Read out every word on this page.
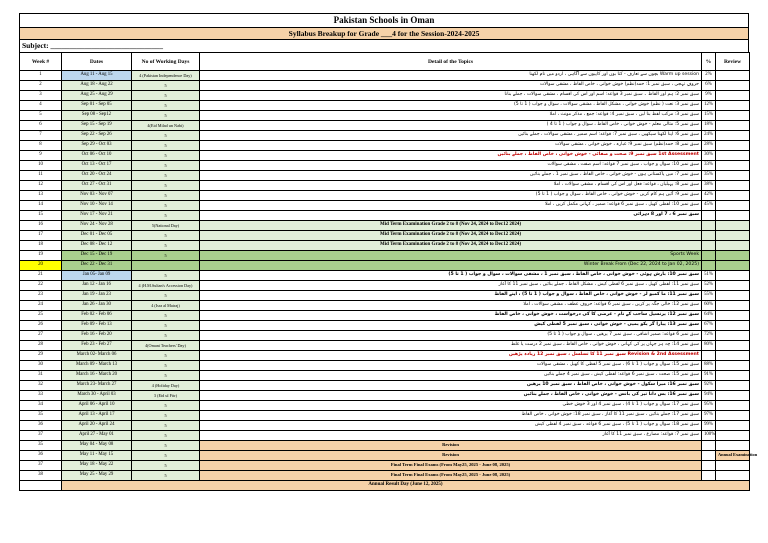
Pakistan Schools in Oman
Syllabus Breakup for Grade ___4 for the Session-2024-2025
Subject: ______________________________
Week #	Dates	No of Working Days	Detail of the Topics	%	Review
1	Aug 11 - Aug 15	4 (Pakistan Independence Day)	Warm up session بچوں سے تعارف - کتا بوں اور کاپیوں سے آگاہی ، اردو میں نام لکھنا	2%	
2	Aug 18 - Aug 22	5	حروفِ تہجی ، سبق نمبر 1: حمد(نظم) خوش خوانی ، خاص الفاظ ، مشقی سوالات	6%	
3	Aug 25 - Aug 29	5	سبق نمبر 2: ہم اور الفاظ ۔ سبق نمبر 3 قواعد: اسم اور اس کی اقسام ، مشقی سوالات ، جملے بنانا	9%	
4	Sep 01 - Sep 05	5	سبق نمبر 3: نعت ( نظم) خوش خوانی ، مشکل الفاظ ، مشقی سوالات ، سوال و جواب ( 1 تا 5)	12%	
5	Sep 08 - Sep12	5	سبق نمبر 3: مرکب لفظ بنا لیں ، سبق نمبر 4: قواعد: جمع ، مذکر مونث ، املا	15%	
6	Sep 15 - Sep 19	4(Eid Milad un Nabi)	سبق نمبر 5: مثالی معلم - خوش خوانی ، خاص الفاظ ، سوال و جواب ( 1 تا 4 )	18%	
7	Sep 22 - Sep 26	5	سبق نمبر 6: اپنا لکھنا سیکھیں ، سبق نمبر 7: قواعد: اسم ضمیر ، مشقی سوالات ، جملے بنائیں	24%	
8	Sep 29 - Oct 03	5	سبق نمبر 8: حمد(نظم) سبق نمبر 9: غبارہ ، خوش خوانی ، مشقی سوالات	28%	
9	Oct 06 - Oct 10	5	1st Assessment سبق نمبر 9: صحت و صفائی - خوش خوانی ، خاص الفاظ ، جملے بنائیں	30%	
10	Oct 13 - Oct 17	5	سبق نمبر 10: سوال و جواب ، سبق نمبر 7 قواعد: اسم صفت ، مشقی سوالات	33%	
11	Oct 20 - Oct 24	5	سبق نمبر 7: میں پاکستانی ہوں - خوش خوانی ، خاص الفاظ ، سبق نمبر 1 ، جملے بنائیں	35%	
12	Oct 27 - Oct 31	5	سبق نمبر 8: پہیلیاں ، قواعد: فعل اور اس کی اقسام ، مشقی سوالات ، املا	38%	
13	Nov 03 - Nov 07	5	سبق نمبر 9: آئیں ہم کام کریں - خوش خوانی ، خاص الفاظ ، سوال و جواب ( 1 تا 5)	42%	
14	Nov 10 - Nov 14	5	سبق نمبر 10: لفظی کھیل ، سبق نمبر 6 قواعد: ضمیر ، کہانی مکمل کریں ، املا	45%	
15	Nov 17 - Nov 21	5	سبق نمبر 6 ، 7 اور 8 دہرائی		
16	Nov 24 - Nov 28	5(National Day)	Mid Term Examination Grade 2 to 8 (Nov 24, 2024 to Dec12 2024)		
17	Dec 01 - Dec 05	5	Mid Term Examination Grade 2 to 8 (Nov 24, 2024 to Dec12 2024)		
18	Dec 08 - Dec 12	5	Mid Term Examination Grade 2 to 8 (Nov 24, 2024 to Dec12 2024)		
19	Dec 15 - Dec 19	5	Sports Week		
20	Dec 22 - Dec 31		Winter Break From (Dec 22, 2024 to Jan 02, 2025)		
21	Jan 05- Jan 09	5	سبق نمبر 10: بارش ہوئی - خوش خوانی ، خاص الفاظ ، سبق نمبر 1 ، مشقی سوالات ، سوال و جواب ( 1 تا 5)	51%	
22	Jan 12 - Jan 16	4 (H.M.Sultan's Accession Day)	سبق نمبر 11: لفظی کھیل ، سبق نمبر 6 لفظی کیش ، مشکل الفاظ ، جملے بنائیں ، سبق نمبر 11 کا آغاز	52%	
23	Jan 19 - Jan 23	5	سبق نمبر 11: ما کمیو لز - خوش خوانی ، خاص الفاظ ، سوال و جواب ( 1 تا 5) ، اپنے الفاظ	55%	
24	Jan 26 - Jan 30	4 (Isra al Mairaj)	سبق نمبر 12: خالی جگہ پر کریں ، سبق نمبر 6 قواعد: حروف عطف ، مشقی سوالات ، املا	60%	
25	Feb 02 - Feb 06	5	سبق نمبر 12: یرنسپل ساحب کے نام - عرضی کا کی درخواست ، خوش خوانی ، خاص الفاظ	64%	
26	Feb 09 - Feb 13	5	سبق نمبر 13: پیارا گر یکو یمپی - خوش خوانی ، سبق نمبر 5 لفظی کیش	67%	
27	Feb 16 - Feb 20	5	سبق نمبر 6 قواعد: ضمیر اشاقی ، سبق نمبر 7 یزھیں ، سوال و جواب ( 1 تا 5)	72%	
28	Feb 23 - Feb 27	4(Omani Teachers' Day)	سبق نمبر 14: چہ ہر جہاں پر کی کہانی ، خوش خوانی ، خاص الفاظ ، سبق نمبر 2 درست یا غلط	80%	
29	March 02- March 06	5	Revision & 2nd Assessment سبق نمبر 11 کا تسلسل ، سبق نمبر 12 زیادہ پڑھیں		
30	March 09 - March 13	5	سبق نمبر 15: سوال و جواب ( 1 تا 6) ، سبق نمبر 5 لفظی کا کھیل ، مشقی سوالات	88%	
31	March 16 - March 20	5	سبق نمبر 15: صحت ، سبق نمبر 6 قواعد: لفظی کیش ، سبق نمبر 4 جملے بنائیں	91%	
32	March 23- March 27	4 (Holiday Day)	سبق نمبر 16: میرا سکول - خوش خوانی ، خاص الفاظ ، سبق نمبر 10 یزھیں	92%	
33	March 30 - April 03	3 (Eid ul Fitr)	سبق نمبر 16: بس دانا تیر کی بانس - خوش خوانی ، خاص الفاظ ، جملے بنائیں	94%	
34	April 06 - April 10	5	سبق نمبر 17: سوال و جواب ( 1 تا 4) ، سبق نمبر 4 اور 3 خوش خطی	95%	
35	April 13 - April 17	5	سبق نمبر 17: جملے بنائیں ، سبق نمبر 11 کا آغاز ، سبق نمبر 18: خوش خوانی ، خاص الفاظ	97%	
36	April 20 - April 24	5	سبق نمبر 18: سوال و جواب ( 1 تا 5) ، سبق نمبر 6 قواعد ، سبق نمبر 4 لفظی کیش	99%	
37	April 27 - May 01	5	سبق نمبر 7: قواعد: مضارع ، سبق نمبر 11 کا آغاز	100%	
35	May 04 - May 08	5	Revision		
36	May 11 - May 15	5	Revision		Annual Examination
37	May 18 - May 22	5	Final Term Final Exams (From May25, 2025 - June 08, 2025)		
38	May 25 - May 29	5	Final Term Final Exams (From May25, 2025 - June 08, 2025)		
	Annual Result Day (June 12, 2025)				
